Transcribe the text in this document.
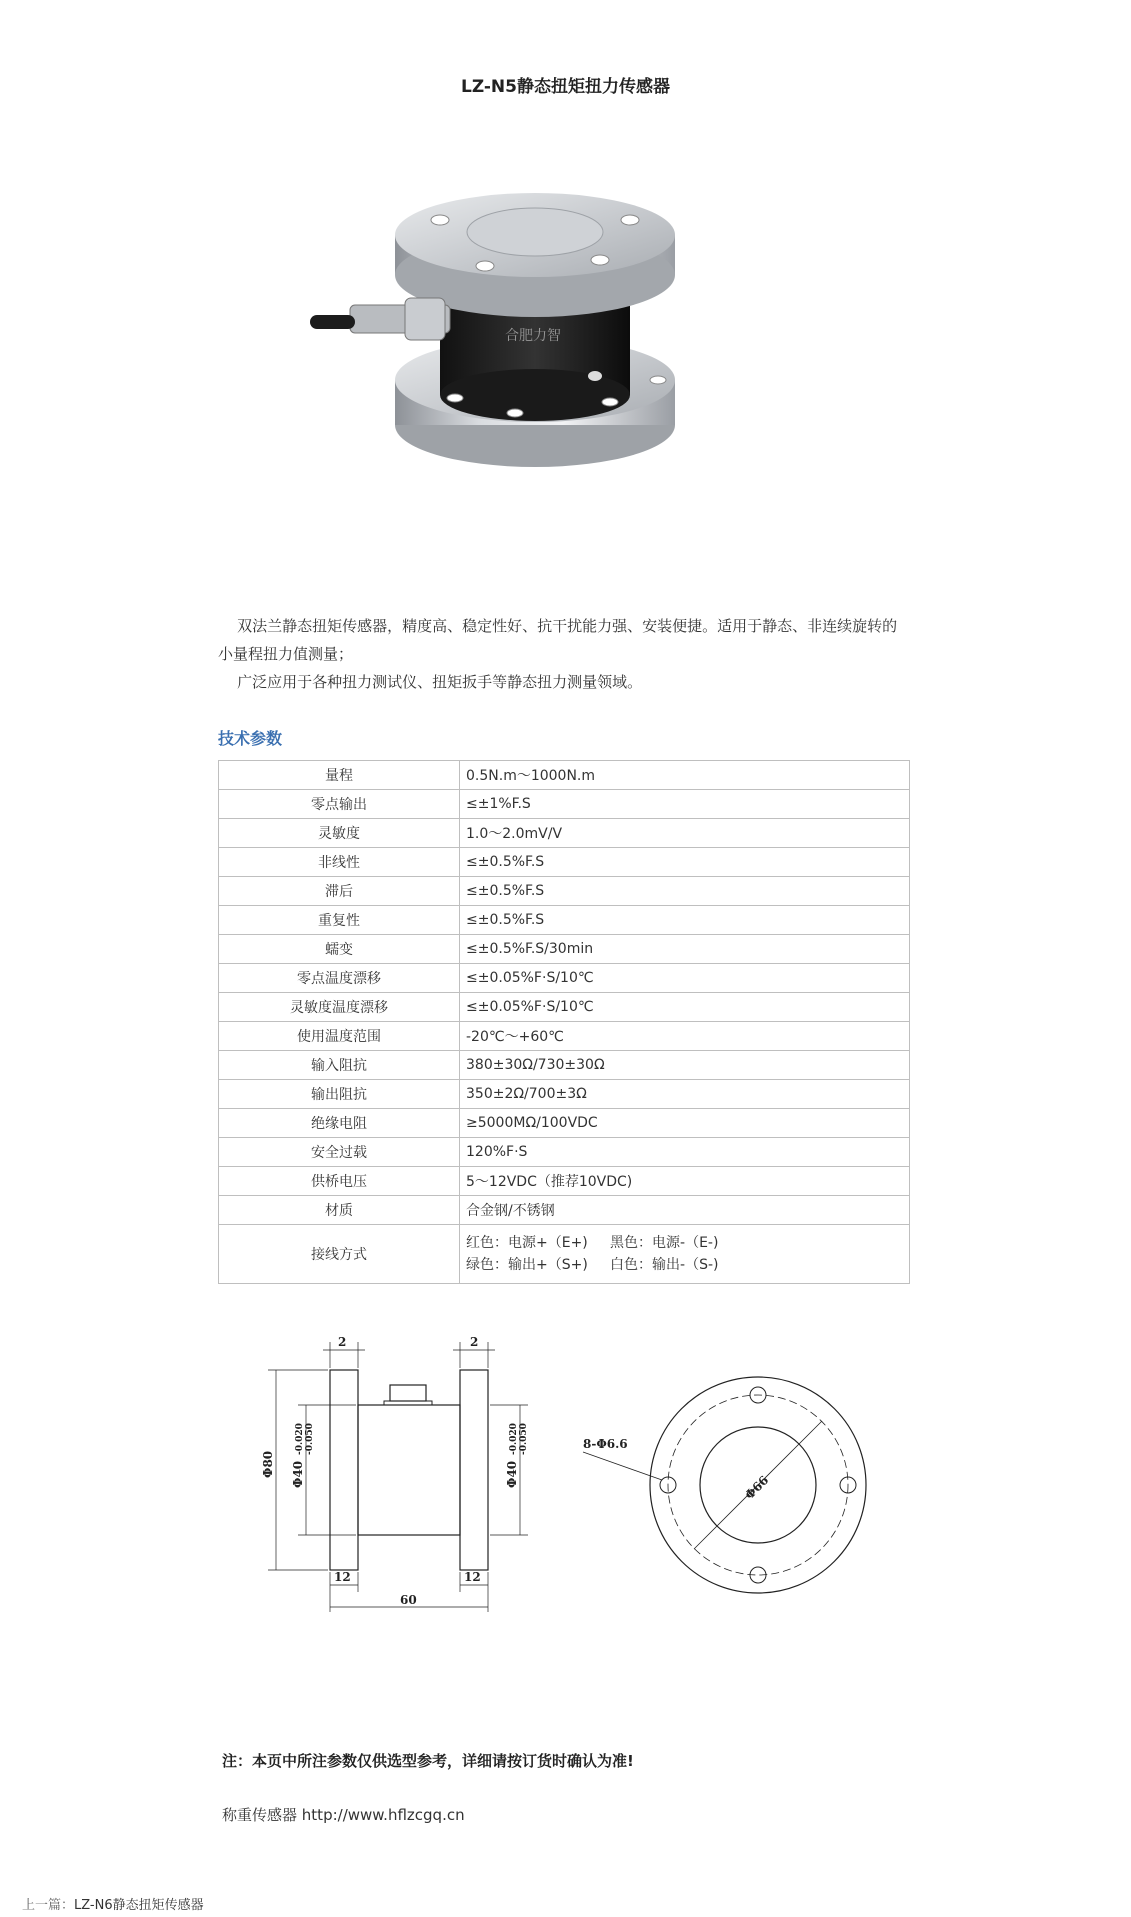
LZ-N5静态扭矩扭力传感器
合肥力智

双法兰静态扭矩传感器，精度高、稳定性好、抗干扰能力强、安装便捷。适用于静态、非连续旋转的小量程扭力值测量；

广泛应用于各种扭力测试仪、扭矩扳手等静态扭力测量领域。

技术参数
量程	0.5N.m～1000N.m
零点输出	≤±1%F.S
灵敏度	1.0～2.0mV/V
非线性	≤±0.5%F.S
滞后	≤±0.5%F.S
重复性	≤±0.5%F.S
蠕变	≤±0.5%F.S/30min
零点温度漂移	≤±0.05%F·S/10℃
灵敏度温度漂移	≤±0.05%F·S/10℃
使用温度范围	-20℃～+60℃
输入阻抗	380±30Ω/730±30Ω
输出阻抗	350±2Ω/700±3Ω
绝缘电阻	≥5000MΩ/100VDC
安全过载	120%F·S
供桥电压	5～12VDC（推荐10VDC)
材质	合金钢/不锈钢
接线方式	红色：电源+（E+)     黑色：电源-（E-)
绿色：输出+（S+)     白色：输出-（S-)
2	2
12	12
60
Φ80 Φ40
-0.020 -0.050
Φ40
-0.020 -0.050	8-Φ6.6
Φ66
注：本页中所注参数仅供选型参考，详细请按订货时确认为准!
称重传感器 http://www.hflzcgq.cn
上一篇：LZ-N6静态扭矩传感器
